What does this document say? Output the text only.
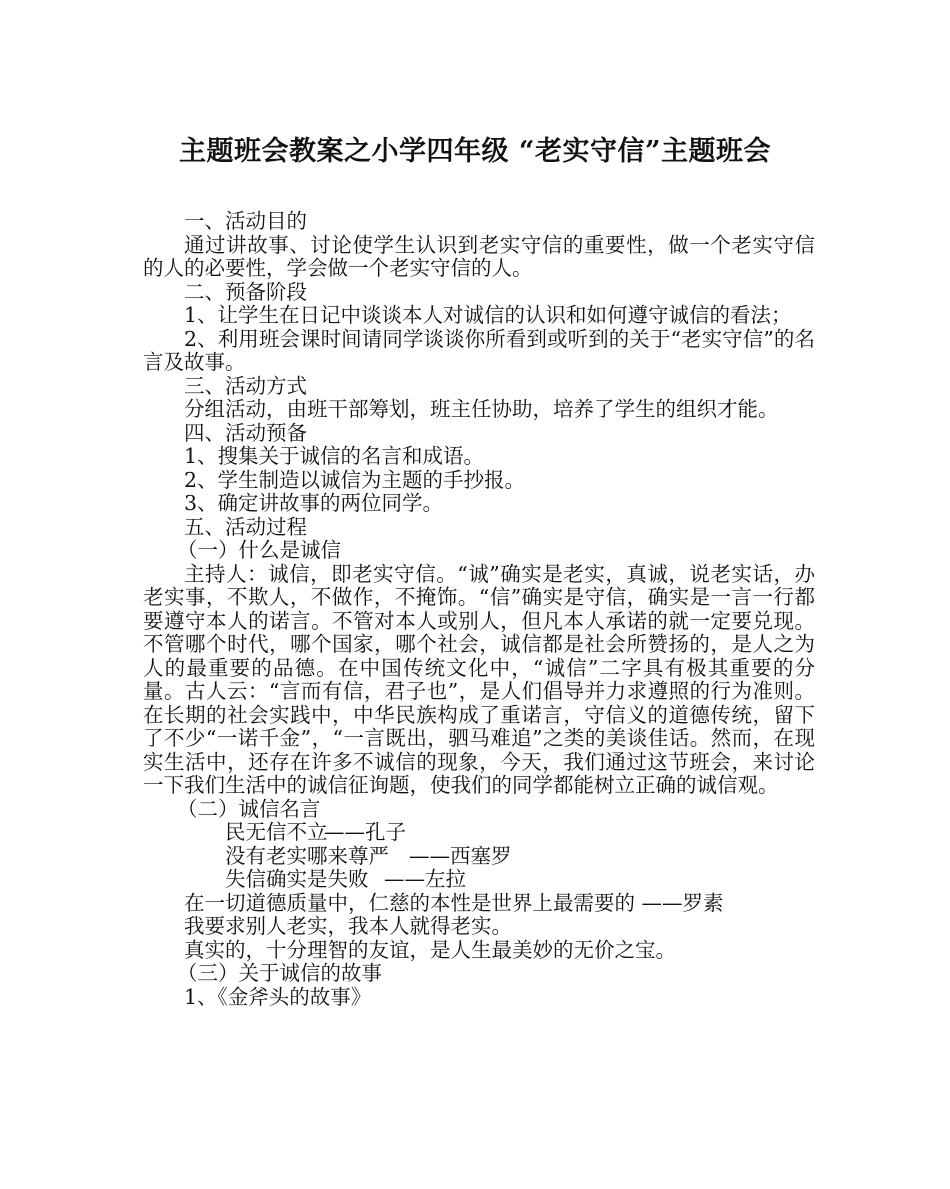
主题班会教案之小学四年级 “老实守信”主题班会

一、活动目的

通过讲故事、讨论使学生认识到老实守信的重要性，做一个老实守信的人的必要性，学会做一个老实守信的人。

二、预备阶段

1、让学生在日记中谈谈本人对诚信的认识和如何遵守诚信的看法；

2、利用班会课时间请同学谈谈你所看到或听到的关于“老实守信”的名言及故事。

三、活动方式

分组活动，由班干部筹划，班主任协助，培养了学生的组织才能。

四、活动预备

1、搜集关于诚信的名言和成语。

2、学生制造以诚信为主题的手抄报。

3、确定讲故事的两位同学。

五、活动过程

（一）什么是诚信

主持人：诚信，即老实守信。“诚”确实是老实，真诚，说老实话，办老实事，不欺人，不做作，不掩饰。“信”确实是守信，确实是一言一行都要遵守本人的诺言。不管对本人或别人，但凡本人承诺的就一定要兑现。不管哪个时代，哪个国家，哪个社会，诚信都是社会所赞扬的，是人之为人的最重要的品德。在中国传统文化中，“诚信”二字具有极其重要的分量。古人云：“言而有信，君子也”，是人们倡导并力求遵照的行为准则。在长期的社会实践中，中华民族构成了重诺言，守信义的道德传统，留下了不少“一诺千金”，“一言既出，驷马难追”之类的美谈佳话。然而，在现实生活中，还存在许多不诚信的现象，今天，我们通过这节班会，来讨论一下我们生活中的诚信征询题，使我们的同学都能树立正确的诚信观。

（二）诚信名言

民无信不立——孔子

没有老实哪来尊严 ——西塞罗

失信确实是失败 ——左拉

在一切道德质量中，仁慈的本性是世界上最需要的 ——罗素

我要求别人老实，我本人就得老实。

真实的，十分理智的友谊，是人生最美妙的无价之宝。

（三）关于诚信的故事

1、《金斧头的故事》
